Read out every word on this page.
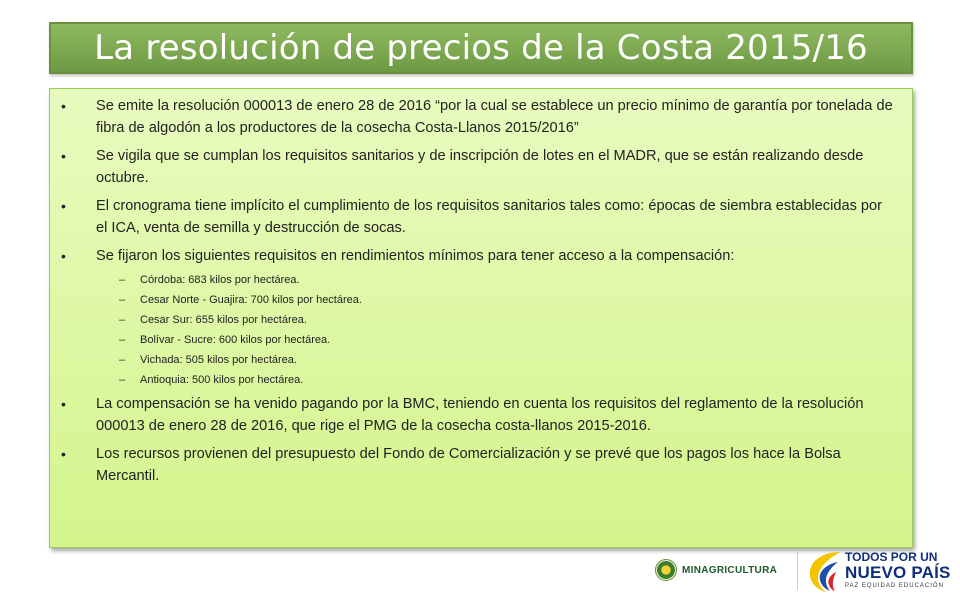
La resolución de precios de la Costa 2015/16
• Se emite la resolución 000013 de enero 28 de 2016 “por la cual se establece un precio mínimo de garantía por tonelada de fibra de algodón a los productores de la cosecha Costa-Llanos 2015/2016”
• Se vigila que se cumplan los requisitos sanitarios y de inscripción de lotes en el MADR, que se están realizando desde octubre.
• El cronograma tiene implícito el cumplimiento de los requisitos sanitarios tales como: épocas de siembra establecidas por el ICA, venta de semilla y destrucción de socas.
• Se fijaron los siguientes requisitos en rendimientos mínimos para tener acceso a la compensación:
– Córdoba: 683 kilos por hectárea.
– Cesar Norte - Guajira: 700 kilos por hectárea.
– Cesar Sur: 655 kilos por hectárea.
– Bolívar - Sucre: 600 kilos por hectárea.
– Vichada: 505 kilos por hectárea.
– Antioquia: 500 kilos por hectárea.
• La compensación se ha venido pagando por la BMC, teniendo en cuenta los requisitos del reglamento de la resolución 000013 de enero 28 de 2016, que rige el PMG de la cosecha costa-llanos 2015-2016.
• Los recursos provienen del presupuesto del Fondo de Comercialización y se prevé que los pagos los hace la Bolsa Mercantil.
MINAGRICULTURA
TODOS POR UN
NUEVO PAÍS
PAZ EQUIDAD EDUCACIÓN
